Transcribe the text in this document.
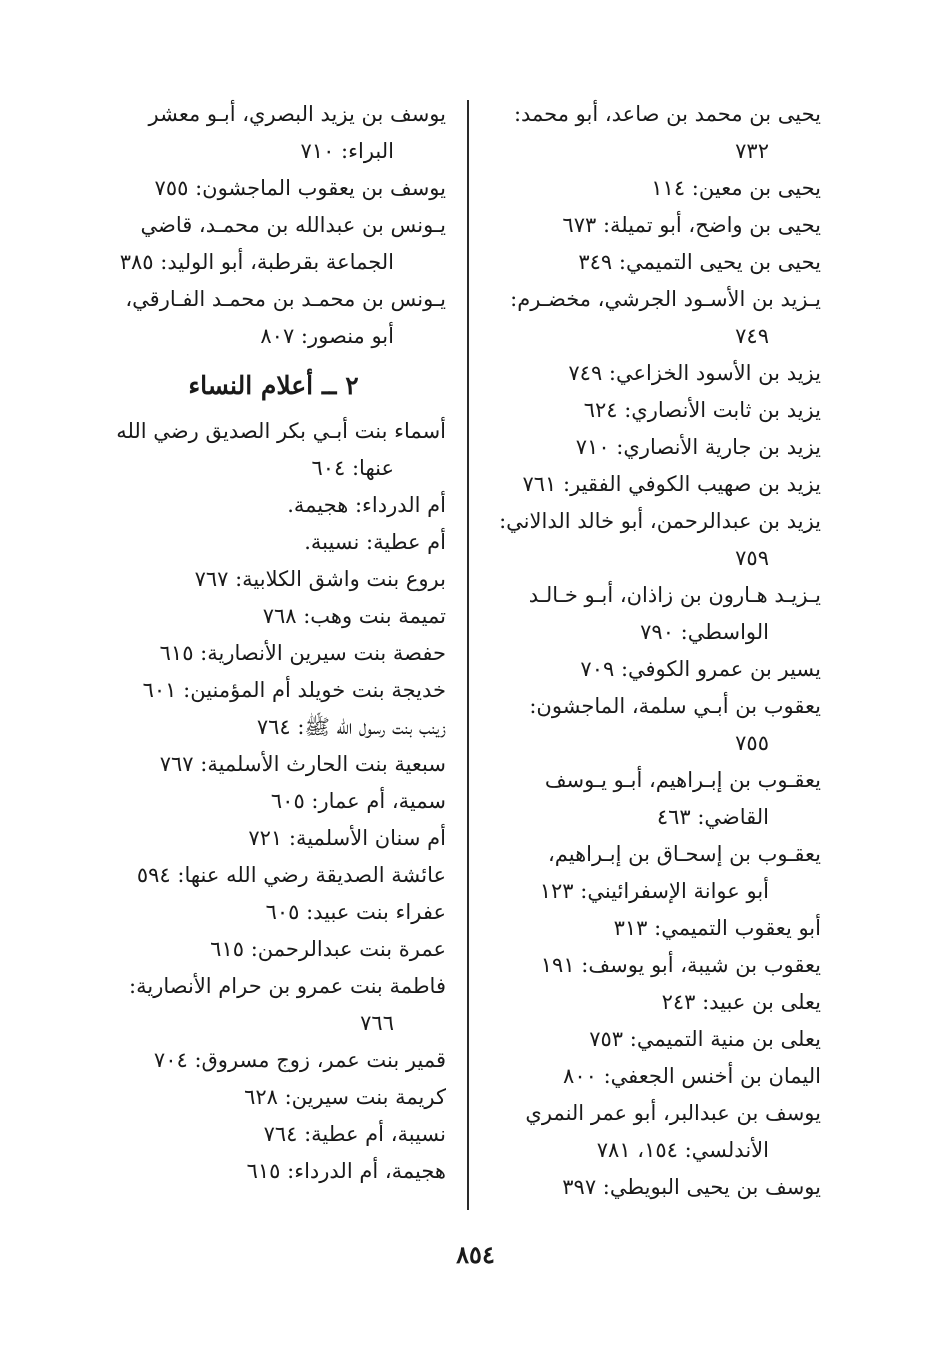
يحيى بن محمد بن صاعد، أبو محمد:

٧٣٢

يحيى بن معين: ١١٤

يحيى بن واضح، أبو تميلة: ٦٧٣

يحيى بن يحيى التميمي: ٣٤٩

يـزيد بن الأسـود الجرشي، مخضـرم:

٧٤٩

يزيد بن الأسود الخزاعي: ٧٤٩

يزيد بن ثابت الأنصاري: ٦٢٤

يزيد بن جارية الأنصاري: ٧١٠

يزيد بن صهيب الكوفي الفقير: ٧٦١

يزيد بن عبدالرحمن، أبو خالد الدالاني:

٧٥٩

يـزيـد هـارون بن زاذان، أبـو خـالـد

الواسطي: ٧٩٠

يسير بن عمرو الكوفي: ٧٠٩

يعقوب بن أبـي سلمة، الماجشون:

٧٥٥

يعقـوب بن إبـراهيم، أبـو يـوسف

القاضي: ٤٦٣

يعقـوب بن إسحـاق بن إبـراهيم،

أبو عوانة الإسفرائيني: ١٢٣

أبو يعقوب التميمي: ٣١٣

يعقوب بن شيبة، أبو يوسف: ١٩١

يعلى بن عبيد: ٢٤٣

يعلى بن منية التميمي: ٧٥٣

اليمان بن أخنس الجعفي: ٨٠٠

يوسف بن عبدالبر، أبو عمر النمري

الأندلسي: ١٥٤، ٧٨١

يوسف بن يحيى البويطي: ٣٩٧

يوسف بن يزيد البصري، أبـو معشر

البراء: ٧١٠

يوسف بن يعقوب الماجشون: ٧٥٥

يـونس بن عبدالله بن محمـد، قاضي

الجماعة بقرطبة، أبو الوليد: ٣٨٥

يـونس بن محمـد بن محمـد الفـارقي،

أبو منصور: ٨٠٧

٢ ــ أعلام النساء

أسماء بنت أبـي بكر الصديق رضي الله

عنها: ٦٠٤

أم الدرداء: هجيمة.

أم عطية: نسيبة.

بروع بنت واشق الكلابية: ٧٦٧

تميمة بنت وهب: ٧٦٨

حفصة بنت سيرين الأنصارية: ٦١٥

خديجة بنت خويلد أم المؤمنين: ٦٠١

زينب بنت رسول الله ﷺ: ٧٦٤

سبعية بنت الحارث الأسلمية: ٧٦٧

سمية، أم عمار: ٦٠٥

أم سنان الأسلمية: ٧٢١

عائشة الصديقة رضي الله عنها: ٥٩٤

عفراء بنت عبيد: ٦٠٥

عمرة بنت عبدالرحمن: ٦١٥

فاطمة بنت عمرو بن حرام الأنصارية:

٧٦٦

قمير بنت عمر، زوج مسروق: ٧٠٤

كريمة بنت سيرين: ٦٢٨

نسيبة، أم عطية: ٧٦٤

هجيمة، أم الدرداء: ٦١٥

٨٥٤
